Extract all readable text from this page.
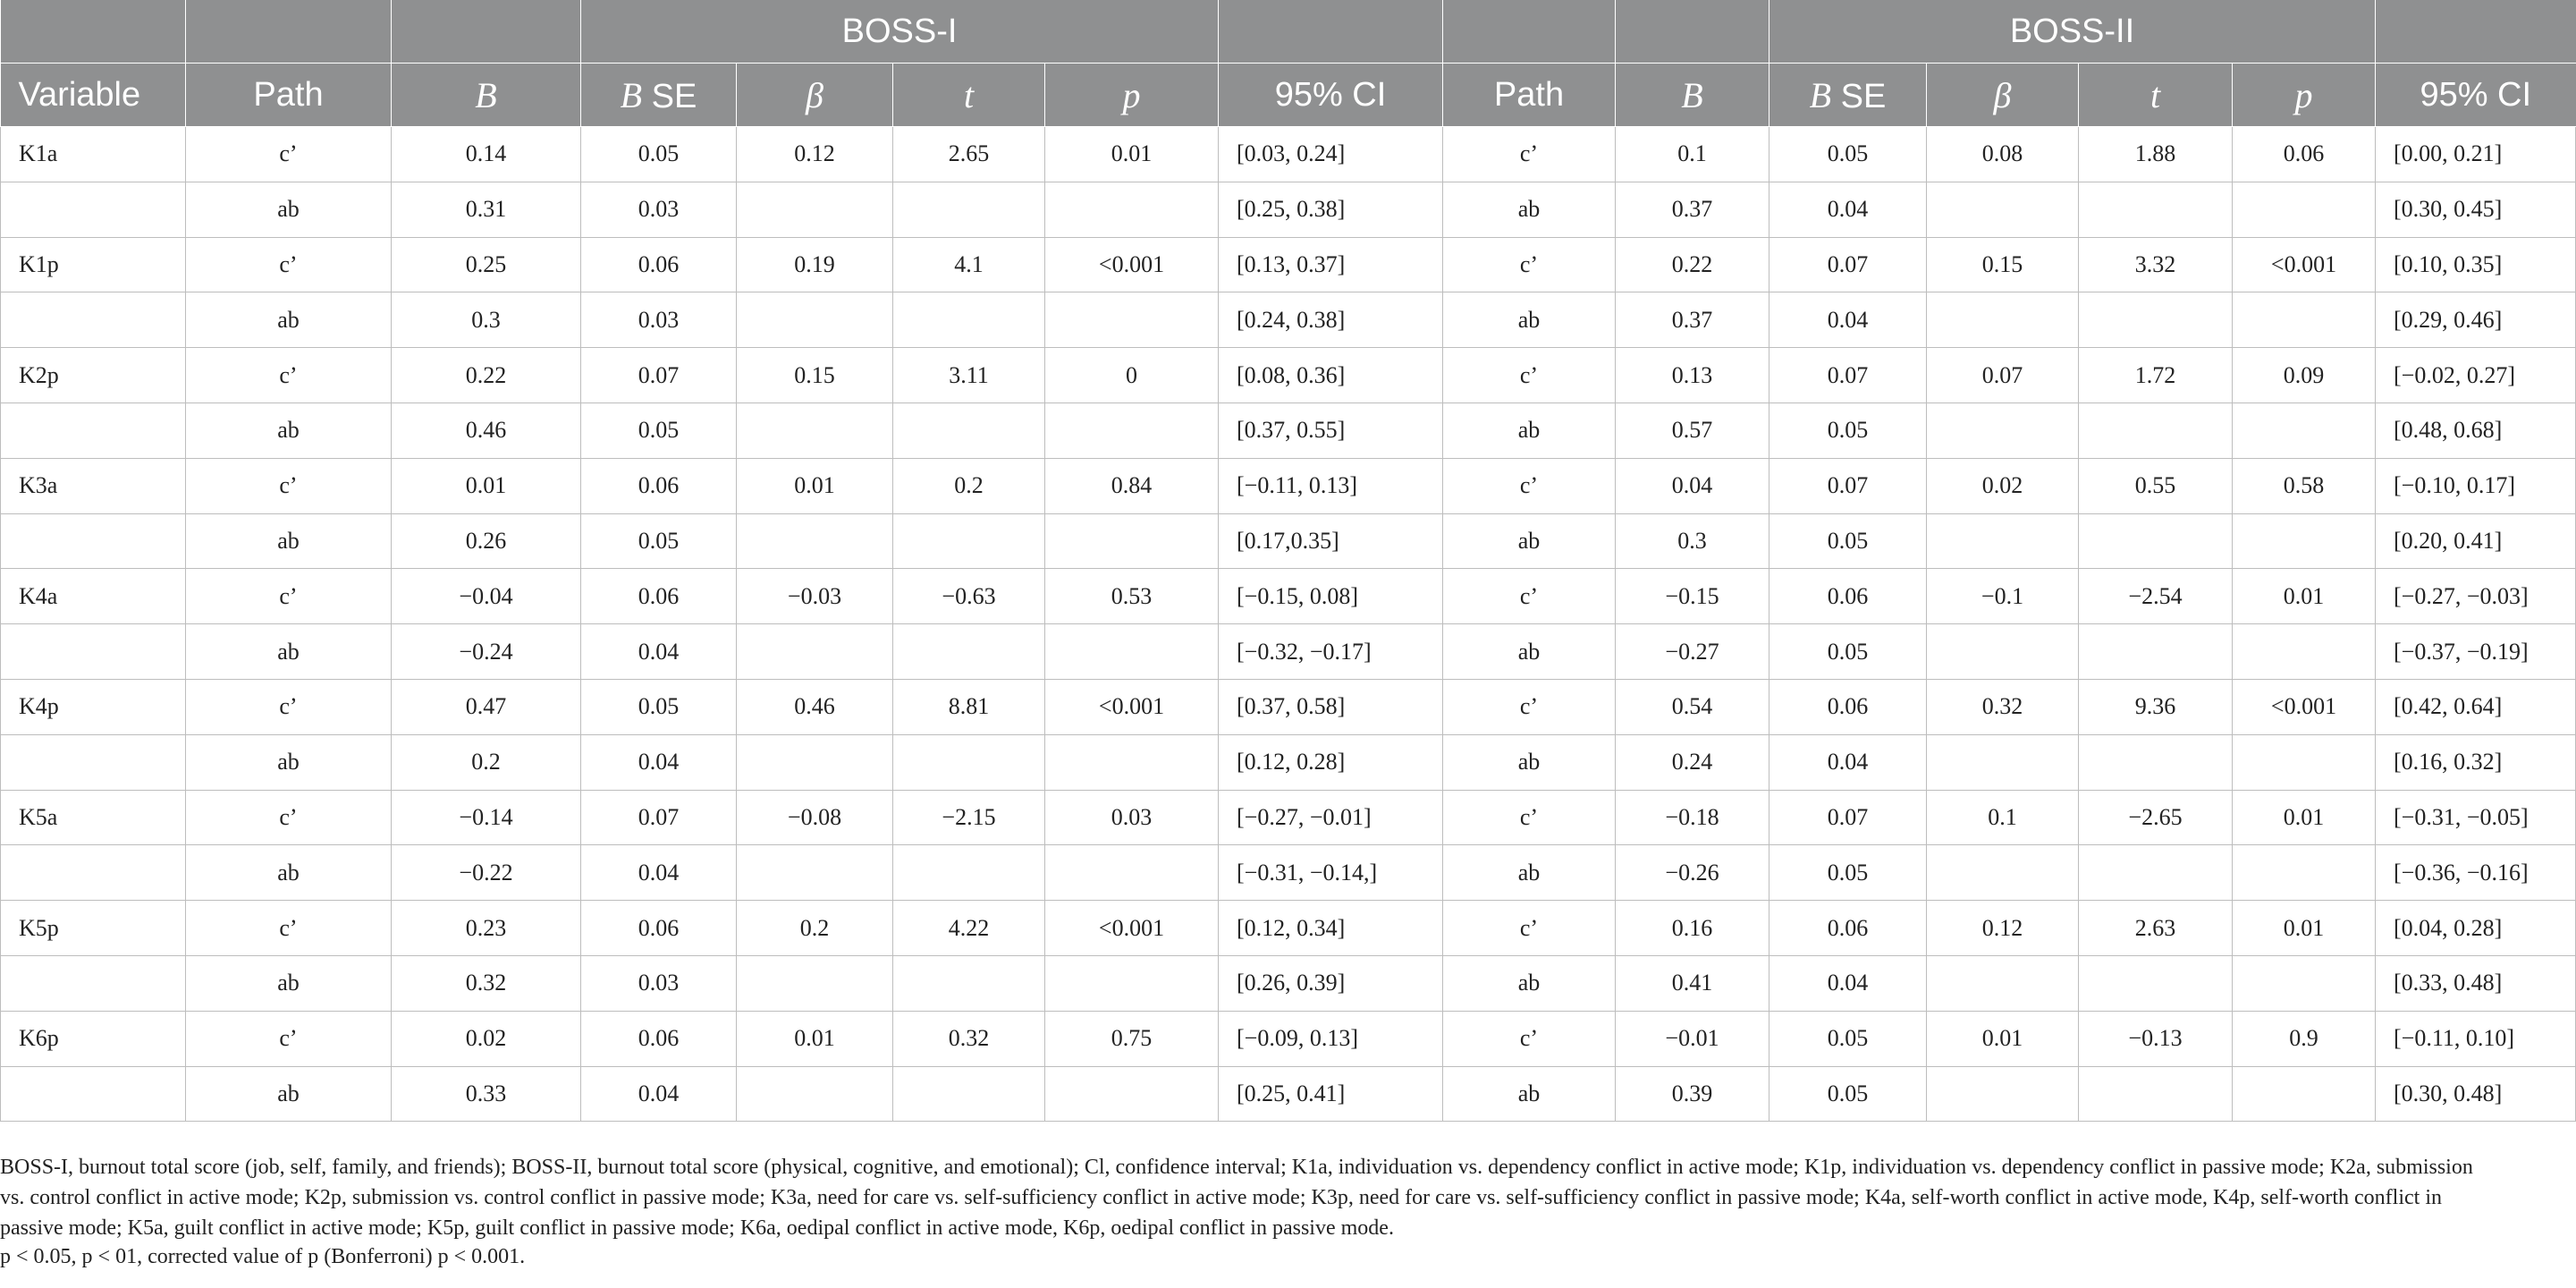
			BOSS-I							BOSS-II				
Variable	Path	B	B SE	β	t	p	95% CI	Path	B	B SE	β	t	p	95% CI
K1a	c’	0.14	0.05	0.12	2.65	0.01	[0.03, 0.24]	c’	0.1	0.05	0.08	1.88	0.06	[0.00, 0.21]
	ab	0.31	0.03				[0.25, 0.38]	ab	0.37	0.04				[0.30, 0.45]
K1p	c’	0.25	0.06	0.19	4.1	<0.001	[0.13, 0.37]	c’	0.22	0.07	0.15	3.32	<0.001	[0.10, 0.35]
	ab	0.3	0.03				[0.24, 0.38]	ab	0.37	0.04				[0.29, 0.46]
K2p	c’	0.22	0.07	0.15	3.11	0	[0.08, 0.36]	c’	0.13	0.07	0.07	1.72	0.09	[−0.02, 0.27]
	ab	0.46	0.05				[0.37, 0.55]	ab	0.57	0.05				[0.48, 0.68]
K3a	c’	0.01	0.06	0.01	0.2	0.84	[−0.11, 0.13]	c’	0.04	0.07	0.02	0.55	0.58	[−0.10, 0.17]
	ab	0.26	0.05				[0.17,0.35]	ab	0.3	0.05				[0.20, 0.41]
K4a	c’	−0.04	0.06	−0.03	−0.63	0.53	[−0.15, 0.08]	c’	−0.15	0.06	−0.1	−2.54	0.01	[−0.27, −0.03]
	ab	−0.24	0.04				[−0.32, −0.17]	ab	−0.27	0.05				[−0.37, −0.19]
K4p	c’	0.47	0.05	0.46	8.81	<0.001	[0.37, 0.58]	c’	0.54	0.06	0.32	9.36	<0.001	[0.42, 0.64]
	ab	0.2	0.04				[0.12, 0.28]	ab	0.24	0.04				[0.16, 0.32]
K5a	c’	−0.14	0.07	−0.08	−2.15	0.03	[−0.27, −0.01]	c’	−0.18	0.07	0.1	−2.65	0.01	[−0.31, −0.05]
	ab	−0.22	0.04				[−0.31, −0.14,]	ab	−0.26	0.05				[−0.36, −0.16]
K5p	c’	0.23	0.06	0.2	4.22	<0.001	[0.12, 0.34]	c’	0.16	0.06	0.12	2.63	0.01	[0.04, 0.28]
	ab	0.32	0.03				[0.26, 0.39]	ab	0.41	0.04				[0.33, 0.48]
K6p	c’	0.02	0.06	0.01	0.32	0.75	[−0.09, 0.13]	c’	−0.01	0.05	0.01	−0.13	0.9	[−0.11, 0.10]
	ab	0.33	0.04				[0.25, 0.41]	ab	0.39	0.05				[0.30, 0.48]
BOSS-I, burnout total score (job, self, family, and friends); BOSS-II, burnout total score (physical, cognitive, and emotional); Cl, confidence interval; K1a, individuation vs. dependency conflict in active mode; K1p, individuation vs. dependency conflict in passive mode; K2a, submission vs. control conflict in active mode; K2p, submission vs. control conflict in passive mode; K3a, need for care vs. self-sufficiency conflict in active mode; K3p, need for care vs. self-sufficiency conflict in passive mode; K4a, self-worth conflict in active mode, K4p, self-worth conflict in passive mode; K5a, guilt conflict in active mode; K5p, guilt conflict in passive mode; K6a, oedipal conflict in active mode, K6p, oedipal conflict in passive mode.
p < 0.05, p < 01, corrected value of p (Bonferroni) p < 0.001.
